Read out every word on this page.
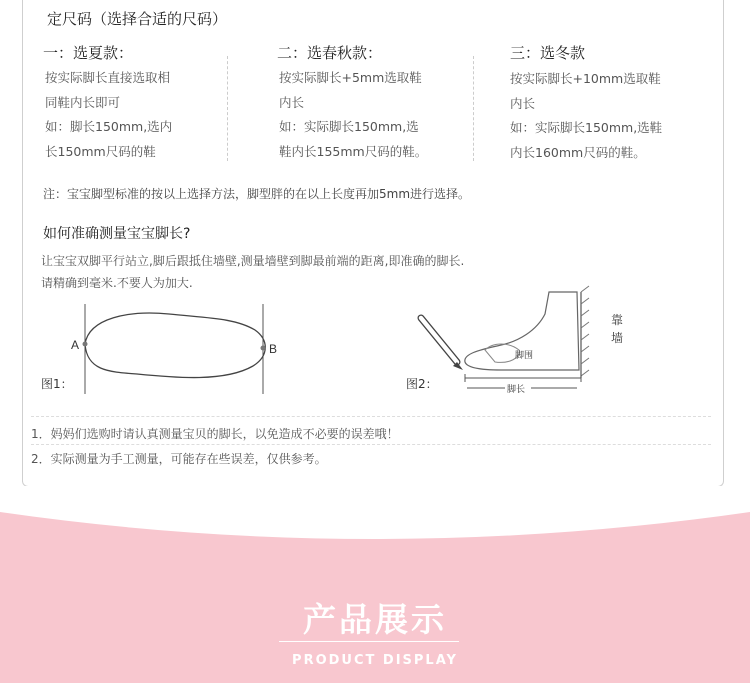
定尺码（选择合适的尺码）
一：选夏款：
按实际脚长直接选取相
同鞋内长即可
如：脚长150mm,选内
长150mm尺码的鞋
二：选春秋款：
按实际脚长+5mm选取鞋
内长
如：实际脚长150mm,选
鞋内长155mm尺码的鞋。
三：选冬款
按实际脚长+10mm选取鞋
内长
如：实际脚长150mm,选鞋
内长160mm尺码的鞋。
注：宝宝脚型标准的按以上选择方法，脚型胖的在以上长度再加5mm进行选择。
如何准确测量宝宝脚长?
让宝宝双脚平行站立,脚后跟抵住墙壁,测量墙壁到脚最前端的距离,即准确的脚长.
请精确到毫米.不要人为加大.
A	B
图1：
靠
墙
脚围
脚长
图2：
1．妈妈们选购时请认真测量宝贝的脚长，以免造成不必要的误差哦！
2．实际测量为手工测量，可能存在些误差，仅供参考。
产品展示
PRODUCT DISPLAY
